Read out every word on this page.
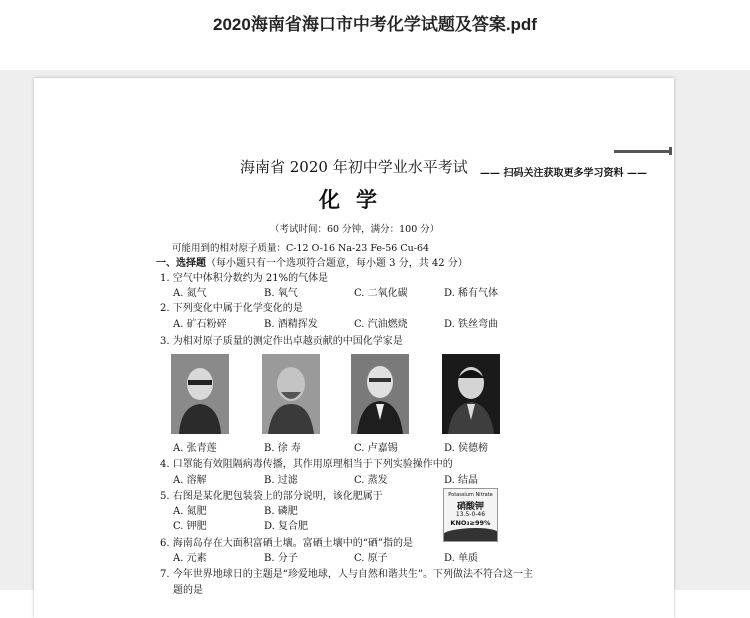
2020海南省海口市中考化学试题及答案.pdf
海南省 2020 年初中学业水平考试 —— 扫码关注获取更多学习资料 ——
化学
（考试时间：60 分钟，满分：100 分）
可能用到的相对原子质量：C-12 O-16 Na-23 Fe-56 Cu-64
一、选择题（每小题只有一个选项符合题意，每小题 3 分，共 42 分）
1. 空气中体积分数约为 21%的气体是
A. 氮气	B. 氧气	C. 二氧化碳	D. 稀有气体
2. 下列变化中属于化学变化的是
A. 矿石粉碎	B. 酒精挥发	C. 汽油燃烧	D. 铁丝弯曲
3. 为相对原子质量的测定作出卓越贡献的中国化学家是
A. 张青莲	B. 徐 寿	C. 卢嘉锡	D. 侯德榜
4. 口罩能有效阻隔病毒传播，其作用原理相当于下列实验操作中的
A. 溶解	B. 过滤	C. 蒸发	D. 结晶
5. 右图是某化肥包装袋上的部分说明，该化肥属于
A. 氮肥	B. 磷肥
C. 钾肥	D. 复合肥
Potassium Nitrate
硝酸钾
13.5-0-46
KNO3≥99%
6. 海南岛存在大面积富硒土壤。富硒土壤中的“硒”指的是
A. 元素	B. 分子	C. 原子	D. 单质
7. 今年世界地球日的主题是“珍爱地球，人与自然和谐共生”。下列做法不符合这一主
题的是
